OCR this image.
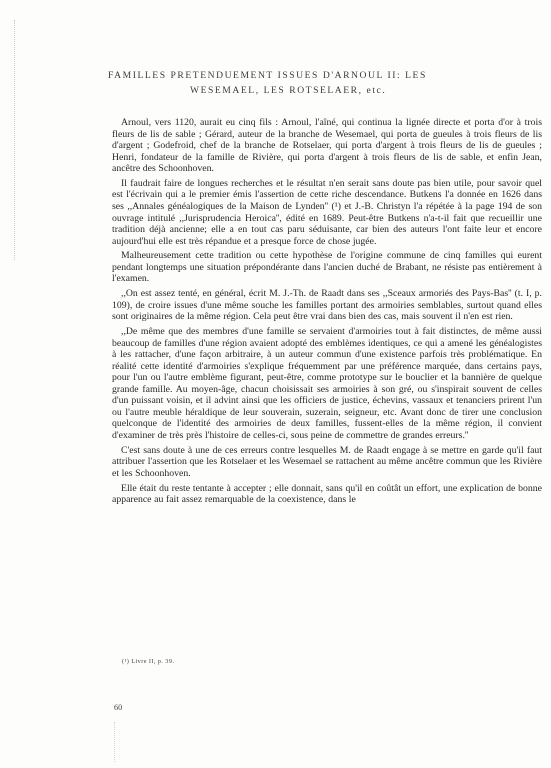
FAMILLES PRETENDUEMENT ISSUES D'ARNOUL II: LES
WESEMAEL, LES ROTSELAER, etc.

Arnoul, vers 1120, aurait eu cinq fils : Arnoul, l'aîné, qui continua la lignée directe et porta d'or à trois fleurs de lis de sable ; Gérard, auteur de la branche de Wesemael, qui porta de gueules à trois fleurs de lis d'argent ; Godefroid, chef de la branche de Rotselaer, qui porta d'argent à trois fleurs de lis de gueules ; Henri, fondateur de la famille de Rivière, qui porta d'argent à trois fleurs de lis de sable, et enfin Jean, ancêtre des Schoonhoven.

Il faudrait faire de longues recherches et le résultat n'en serait sans doute pas bien utile, pour savoir quel est l'écrivain qui a le premier émis l'assertion de cette riche descendance. Butkens l'a donnée en 1626 dans ses ,,Annales généalogiques de la Maison de Lynden'' (¹) et J.-B. Christyn l'a répétée à la page 194 de son ouvrage intitulé ,,Jurisprudencia Heroica'', édité en 1689. Peut-être Butkens n'a-t-il fait que recueillir une tradition déjà ancienne; elle a en tout cas paru séduisante, car bien des auteurs l'ont faite leur et encore aujourd'hui elle est très répandue et a presque force de chose jugée.

Malheureusement cette tradition ou cette hypothèse de l'origine commune de cinq familles qui eurent pendant longtemps une situation prépondérante dans l'ancien duché de Brabant, ne résiste pas entièrement à l'examen.

,,On est assez tenté, en général, écrit M. J.-Th. de Raadt dans ses ,,Sceaux armoriés des Pays-Bas'' (t. I, p. 109), de croire issues d'une même souche les familles portant des armoiries semblables, surtout quand elles sont originaires de la même région. Cela peut être vrai dans bien des cas, mais souvent il n'en est rien.

,,De même que des membres d'une famille se servaient d'armoiries tout à fait distinctes, de même aussi beaucoup de familles d'une région avaient adopté des emblèmes identiques, ce qui a amené les généalogistes à les rattacher, d'une façon arbitraire, à un auteur commun d'une existence parfois très problématique. En réalité cette identité d'armoiries s'explique fréquemment par une préférence marquée, dans certains pays, pour l'un ou l'autre emblème figurant, peut-être, comme prototype sur le bouclier et la bannière de quelque grande famille. Au moyen-âge, chacun choisissait ses armoiries à son gré, ou s'inspirait souvent de celles d'un puissant voisin, et il advint ainsi que les officiers de justice, échevins, vassaux et tenanciers prirent l'un ou l'autre meuble héraldique de leur souverain, suzerain, seigneur, etc. Avant donc de tirer une conclusion quelconque de l'identité des armoiries de deux familles, fussent-elles de la même région, il convient d'examiner de très près l'histoire de celles-ci, sous peine de commettre de grandes erreurs.''

C'est sans doute à une de ces erreurs contre lesquelles M. de Raadt engage à se mettre en garde qu'il faut attribuer l'assertion que les Rotselaer et les Wesemael se rattachent au même ancêtre commun que les Rivière et les Schoonhoven.

Elle était du reste tentante à accepter ; elle donnait, sans qu'il en coûtât un effort, une explication de bonne apparence au fait assez remarquable de la coexistence, dans le

(¹) Livre II, p. 39.
60
